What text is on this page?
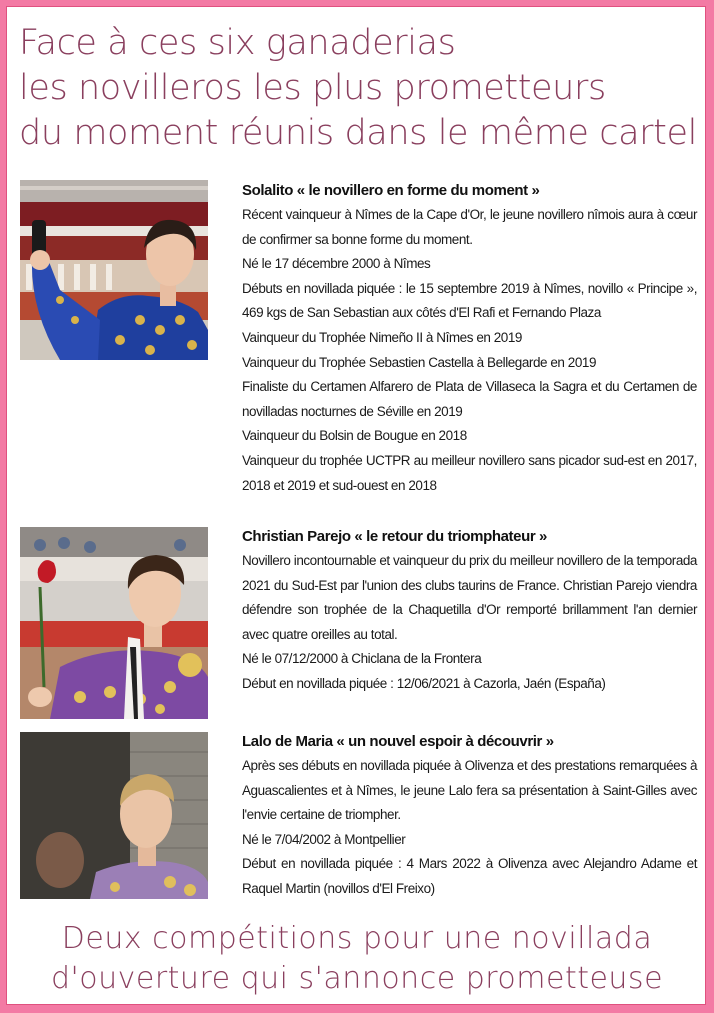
Face à ces six ganaderias
les novilleros les plus prometteurs
du moment réunis dans le même cartel
Solalito « le novillero en forme du moment »

Récent vainqueur à Nîmes de la Cape d'Or, le jeune novillero nîmois aura à cœur de confirmer sa bonne forme du moment.

Né le 17 décembre 2000 à Nîmes

Débuts en novillada piquée : le 15 septembre 2019 à Nîmes, novillo « Principe », 469 kgs de San Sebastian aux côtés d'El Rafi et Fernando Plaza

Vainqueur du Trophée Nimeño II à Nîmes en 2019

Vainqueur du Trophée Sebastien Castella à Bellegarde en 2019

Finaliste du Certamen Alfarero de Plata de Villaseca la Sagra et du Certamen de novilladas nocturnes de Séville en 2019

Vainqueur du Bolsin de Bougue en 2018

Vainqueur du trophée UCTPR au meilleur novillero sans picador sud-est en 2017, 2018 et 2019 et sud-ouest en 2018

Christian Parejo « le retour du triomphateur »

Novillero incontournable et vainqueur du prix du meilleur novillero de la temporada 2021 du Sud-Est par l'union des clubs taurins de France. Christian Parejo viendra défendre son trophée de la Chaquetilla d'Or remporté brillamment l'an dernier avec quatre oreilles au total.

Né le 07/12/2000 à Chiclana de la Frontera

Début en novillada piquée : 12/06/2021 à Cazorla, Jaén (España)

Lalo de Maria « un nouvel espoir à découvrir »

Après ses débuts en novillada piquée à Olivenza et des prestations remarquées à Aguascalientes et à Nîmes, le jeune Lalo fera sa présentation à Saint-Gilles avec l'envie certaine de triompher.

Né le 7/04/2002 à Montpellier

Début en novillada piquée : 4 Mars 2022 à Olivenza avec Alejandro Adame et Raquel Martin (novillos d'El Freixo)

Deux compétitions pour une novillada
d'ouverture qui s'annonce prometteuse
